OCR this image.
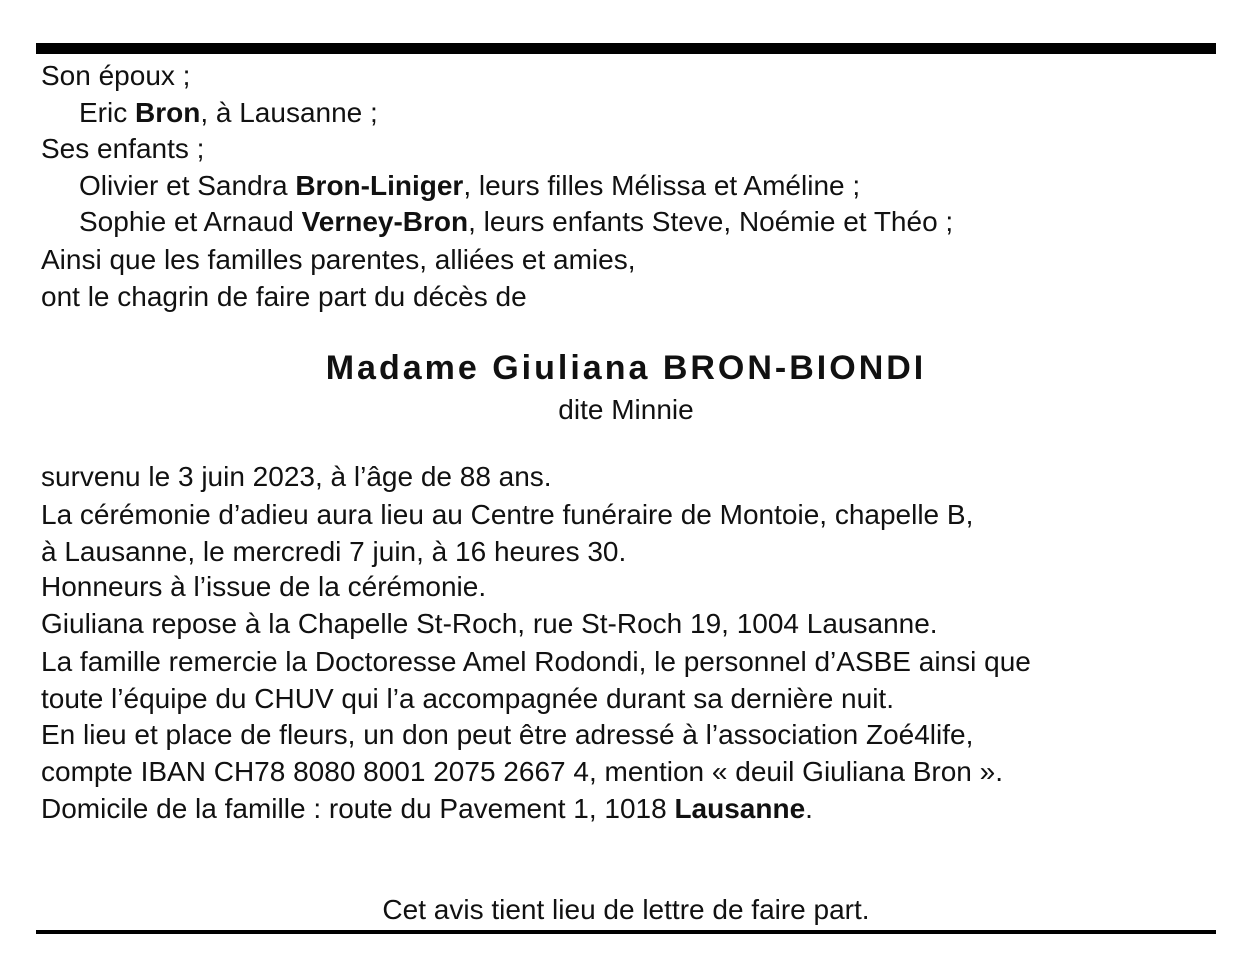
Son époux ;
Eric Bron, à Lausanne ;
Ses enfants ;
Olivier et Sandra Bron-Liniger, leurs filles Mélissa et Améline ;
Sophie et Arnaud Verney-Bron, leurs enfants Steve, Noémie et Théo ;
Ainsi que les familles parentes, alliées et amies,
ont le chagrin de faire part du décès de
Madame Giuliana BRON-BIONDI
dite Minnie
survenu le 3 juin 2023, à l’âge de 88 ans.
La cérémonie d’adieu aura lieu au Centre funéraire de Montoie, chapelle B,
à Lausanne, le mercredi 7 juin, à 16 heures 30.
Honneurs à l’issue de la cérémonie.
Giuliana repose à la Chapelle St-Roch, rue St-Roch 19, 1004 Lausanne.
La famille remercie la Doctoresse Amel Rodondi, le personnel d’ASBE ainsi que
toute l’équipe du CHUV qui l’a accompagnée durant sa dernière nuit.
En lieu et place de fleurs, un don peut être adressé à l’association Zoé4life,
compte IBAN CH78 8080 8001 2075 2667 4, mention « deuil Giuliana Bron ».
Domicile de la famille : route du Pavement 1, 1018 Lausanne.
Cet avis tient lieu de lettre de faire part.
